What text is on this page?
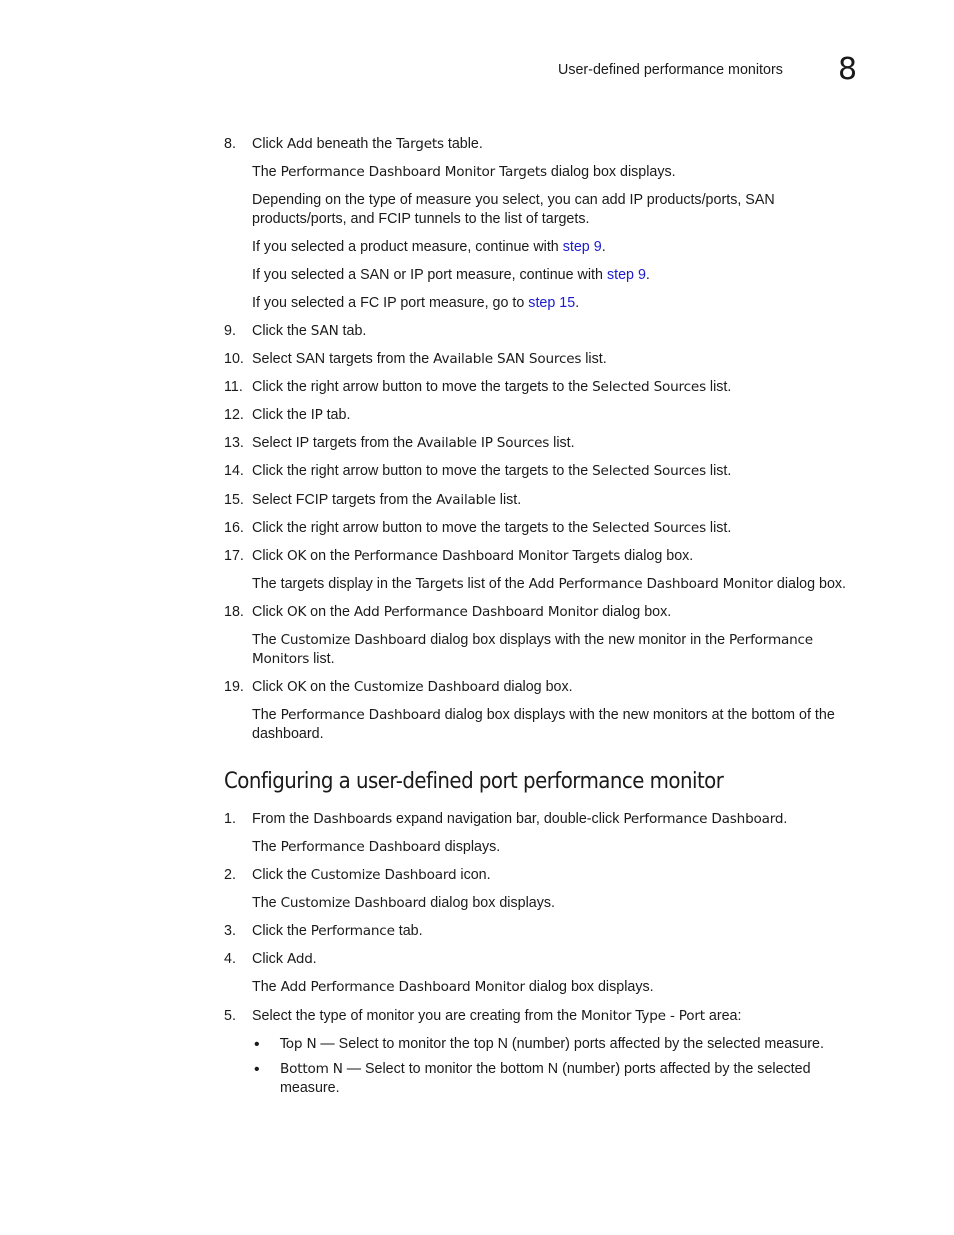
User-defined performance monitors 8
8. Click Add beneath the Targets table.
The Performance Dashboard Monitor Targets dialog box displays.
Depending on the type of measure you select, you can add IP products/ports, SAN products/ports, and FCIP tunnels to the list of targets.
If you selected a product measure, continue with step 9.
If you selected a SAN or IP port measure, continue with step 9.
If you selected a FC IP port measure, go to step 15.
9. Click the SAN tab.
10. Select SAN targets from the Available SAN Sources list.
11. Click the right arrow button to move the targets to the Selected Sources list.
12. Click the IP tab.
13. Select IP targets from the Available IP Sources list.
14. Click the right arrow button to move the targets to the Selected Sources list.
15. Select FCIP targets from the Available list.
16. Click the right arrow button to move the targets to the Selected Sources list.
17. Click OK on the Performance Dashboard Monitor Targets dialog box.
The targets display in the Targets list of the Add Performance Dashboard Monitor dialog box.
18. Click OK on the Add Performance Dashboard Monitor dialog box.
The Customize Dashboard dialog box displays with the new monitor in the Performance Monitors list.
19. Click OK on the Customize Dashboard dialog box.
The Performance Dashboard dialog box displays with the new monitors at the bottom of the dashboard.
Configuring a user-defined port performance monitor
1. From the Dashboards expand navigation bar, double-click Performance Dashboard.
The Performance Dashboard displays.
2. Click the Customize Dashboard icon.
The Customize Dashboard dialog box displays.
3. Click the Performance tab.
4. Click Add.
The Add Performance Dashboard Monitor dialog box displays.
5. Select the type of monitor you are creating from the Monitor Type - Port area:
• Top N — Select to monitor the top N (number) ports affected by the selected measure.
• Bottom N — Select to monitor the bottom N (number) ports affected by the selected measure.
